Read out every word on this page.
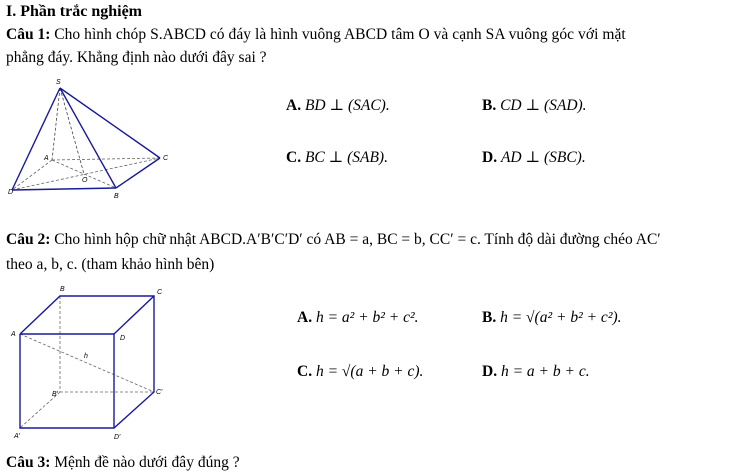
I. Phần trắc nghiệm
Câu 1: Cho hình chóp S.ABCD có đáy là hình vuông ABCD tâm O và cạnh SA vuông góc với mặt
phẳng đáy. Khẳng định nào dưới đây sai ?
S
A
O
B
C
D
A. BD ⊥ (SAC).	B. CD ⊥ (SAD).
C. BC ⊥ (SAB).	D. AD ⊥ (SBC).
Câu 2: Cho hình hộp chữ nhật ABCD.A′B′C′D′ có AB = a, BC = b, CC′ = c. Tính độ dài đường chéo AC′
theo a, b, c. (tham khảo hình bên)
B	C
A
D
h
B′	C′
A′	D′
A. h = a² + b² + c².	B. h = √(a² + b² + c²).
C. h = √(a + b + c).	D. h = a + b + c.
Câu 3: Mệnh đề nào dưới đây đúng ?
